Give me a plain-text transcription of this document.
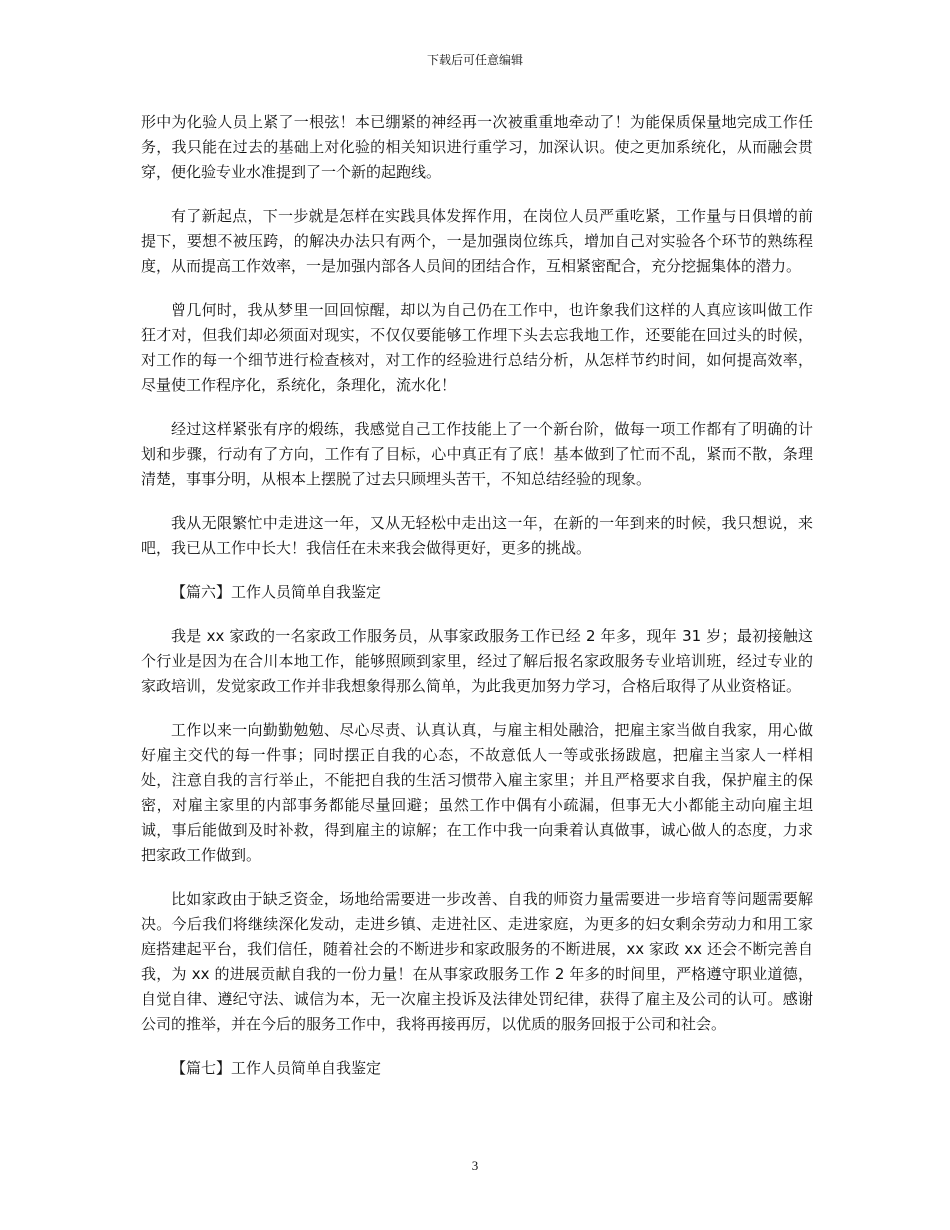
下载后可任意编辑

形中为化验人员上紧了一根弦！本已绷紧的神经再一次被重重地牵动了！为能保质保量地完成工作任务，我只能在过去的基础上对化验的相关知识进行重学习，加深认识。使之更加系统化，从而融会贯穿，便化验专业水准提到了一个新的起跑线。

有了新起点，下一步就是怎样在实践具体发挥作用，在岗位人员严重吃紧，工作量与日俱增的前提下，要想不被压跨，的解决办法只有两个，一是加强岗位练兵，增加自己对实验各个环节的熟练程度，从而提高工作效率，一是加强内部各人员间的团结合作，互相紧密配合，充分挖掘集体的潜力。

曾几何时，我从梦里一回回惊醒，却以为自己仍在工作中，也许象我们这样的人真应该叫做工作狂才对，但我们却必须面对现实，不仅仅要能够工作埋下头去忘我地工作，还要能在回过头的时候，对工作的每一个细节进行检查核对，对工作的经验进行总结分析，从怎样节约时间，如何提高效率，尽量使工作程序化，系统化，条理化，流水化！

经过这样紧张有序的煅练，我感觉自己工作技能上了一个新台阶，做每一项工作都有了明确的计划和步骤，行动有了方向，工作有了目标，心中真正有了底！基本做到了忙而不乱，紧而不散，条理清楚，事事分明，从根本上摆脱了过去只顾埋头苦干，不知总结经验的现象。

我从无限繁忙中走进这一年，又从无轻松中走出这一年，在新的一年到来的时候，我只想说，来吧，我已从工作中长大！我信任在未来我会做得更好，更多的挑战。

【篇六】工作人员简单自我鉴定

我是 xx 家政的一名家政工作服务员，从事家政服务工作已经 2 年多，现年 31 岁；最初接触这个行业是因为在合川本地工作，能够照顾到家里，经过了解后报名家政服务专业培训班，经过专业的家政培训，发觉家政工作并非我想象得那么简单，为此我更加努力学习，合格后取得了从业资格证。

工作以来一向勤勤勉勉、尽心尽责、认真认真，与雇主相处融洽，把雇主家当做自我家，用心做好雇主交代的每一件事；同时摆正自我的心态，不故意低人一等或张扬跋扈，把雇主当家人一样相处，注意自我的言行举止，不能把自我的生活习惯带入雇主家里；并且严格要求自我，保护雇主的保密，对雇主家里的内部事务都能尽量回避；虽然工作中偶有小疏漏，但事无大小都能主动向雇主坦诚，事后能做到及时补救，得到雇主的谅解；在工作中我一向秉着认真做事，诚心做人的态度，力求把家政工作做到。

比如家政由于缺乏资金，场地给需要进一步改善、自我的师资力量需要进一步培育等问题需要解决。今后我们将继续深化发动，走进乡镇、走进社区、走进家庭，为更多的妇女剩余劳动力和用工家庭搭建起平台，我们信任，随着社会的不断进步和家政服务的不断进展，xx 家政 xx 还会不断完善自我，为 xx 的进展贡献自我的一份力量！在从事家政服务工作 2 年多的时间里，严格遵守职业道德，自觉自律、遵纪守法、诚信为本，无一次雇主投诉及法律处罚纪律，获得了雇主及公司的认可。感谢公司的推举，并在今后的服务工作中，我将再接再厉，以优质的服务回报于公司和社会。

【篇七】工作人员简单自我鉴定

3
